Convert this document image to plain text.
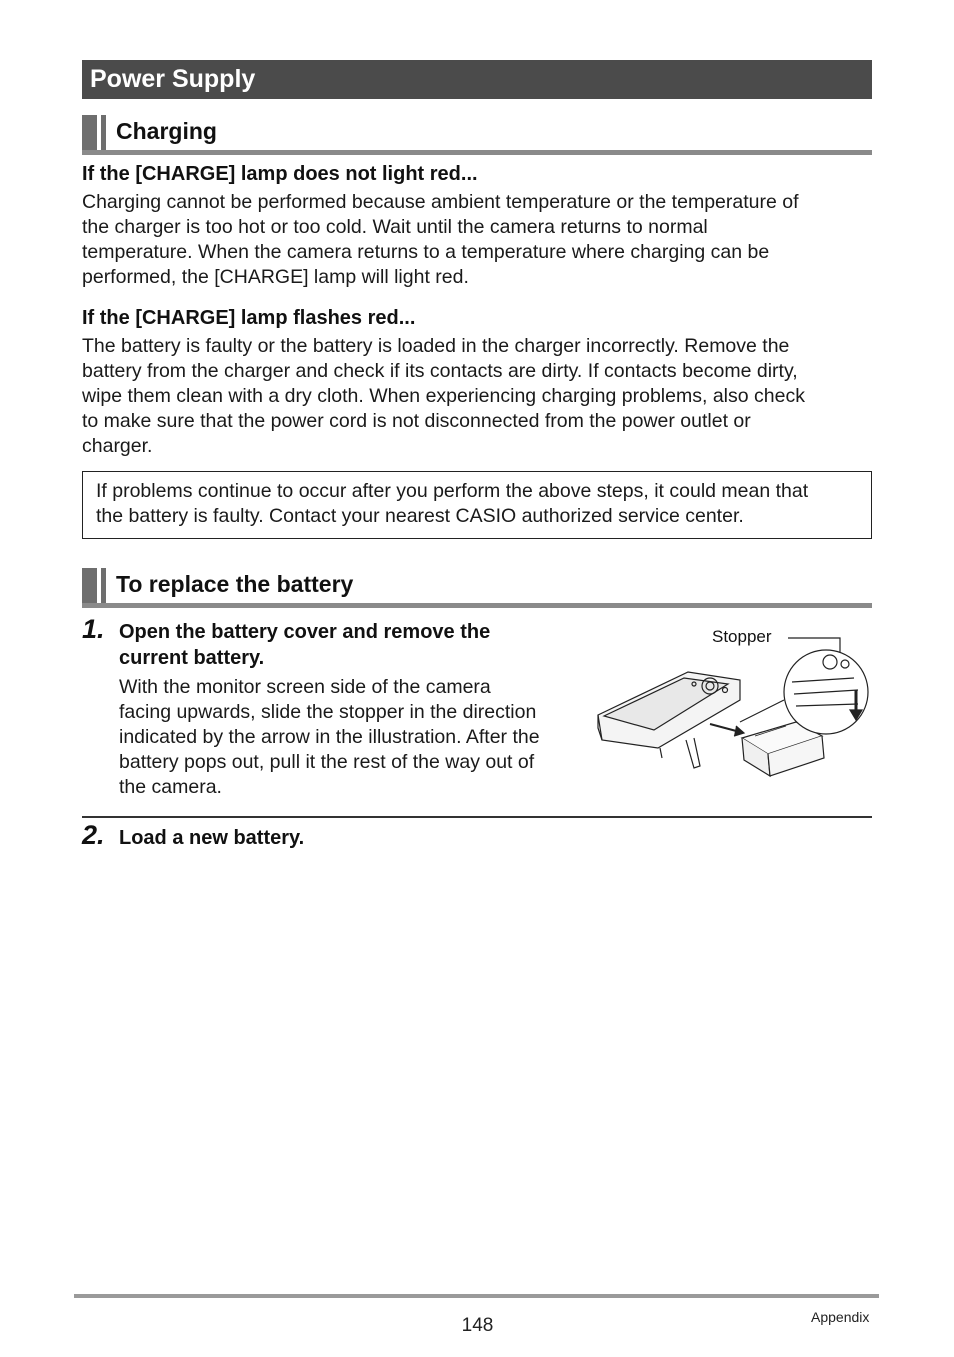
Power Supply
Charging
If the [CHARGE] lamp does not light red...
Charging cannot be performed because ambient temperature or the temperature of
the charger is too hot or too cold. Wait until the camera returns to normal
temperature. When the camera returns to a temperature where charging can be
performed, the [CHARGE] lamp will light red.
If the [CHARGE] lamp flashes red...
The battery is faulty or the battery is loaded in the charger incorrectly. Remove the
battery from the charger and check if its contacts are dirty. If contacts become dirty,
wipe them clean with a dry cloth. When experiencing charging problems, also check
to make sure that the power cord is not disconnected from the power outlet or
charger.
If problems continue to occur after you perform the above steps, it could mean that
the battery is faulty. Contact your nearest CASIO authorized service center.
To replace the battery
1. Open the battery cover and remove the
current battery.
With the monitor screen side of the camera
facing upwards, slide the stopper in the direction
indicated by the arrow in the illustration. After the
battery pops out, pull it the rest of the way out of
the camera.
Stopper
2. Load a new battery.
148	Appendix
